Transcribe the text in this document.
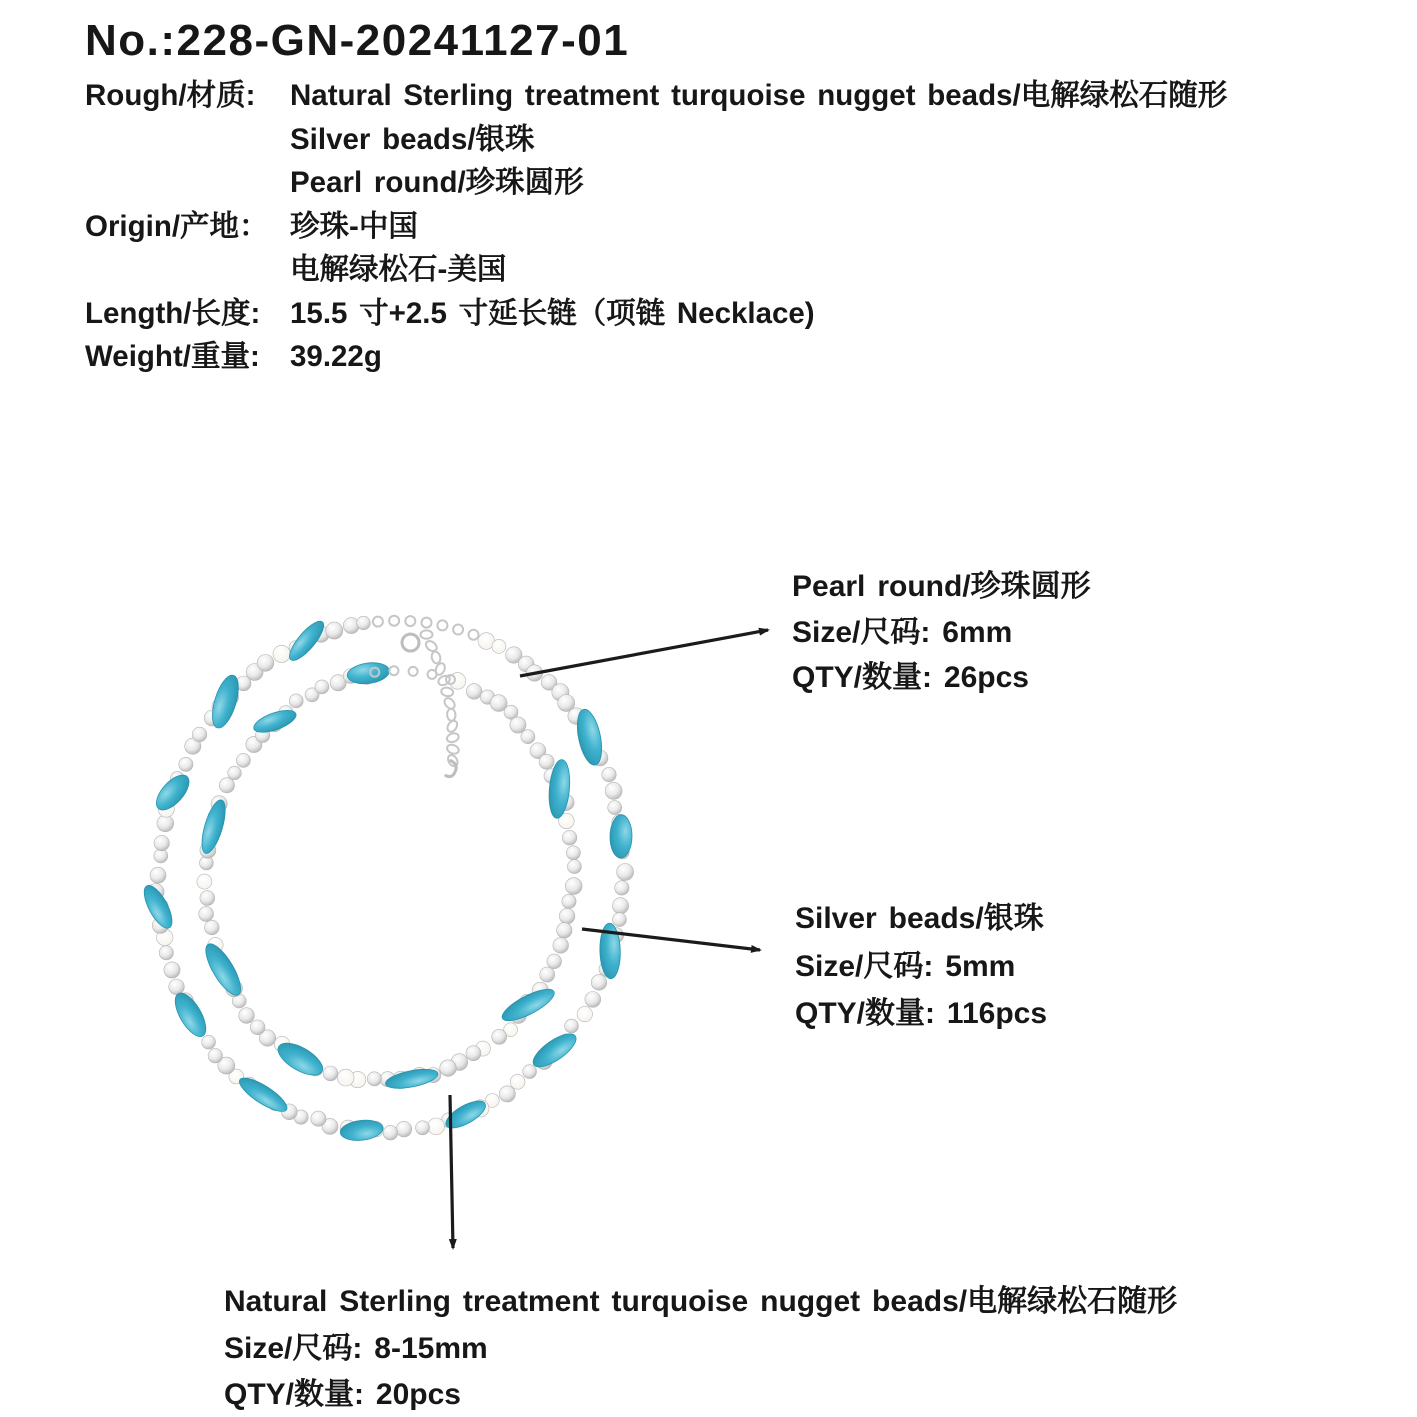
No.:228-GN-20241127-01
Rough/材质: Natural Sterling treatment turquoise nugget beads/电解绿松石随形
Silver beads/银珠
Pearl round/珍珠圆形
Origin/产地： 珍珠-中国
电解绿松石-美国
Length/长度: 15.5 寸+2.5 寸延长链（项链 Necklace)
Weight/重量: 39.22g
Pearl round/珍珠圆形
Size/尺码: 6mm
QTY/数量: 26pcs
Silver beads/银珠
Size/尺码: 5mm
QTY/数量: 116pcs
Natural Sterling treatment turquoise nugget beads/电解绿松石随形
Size/尺码: 8-15mm
QTY/数量: 20pcs
